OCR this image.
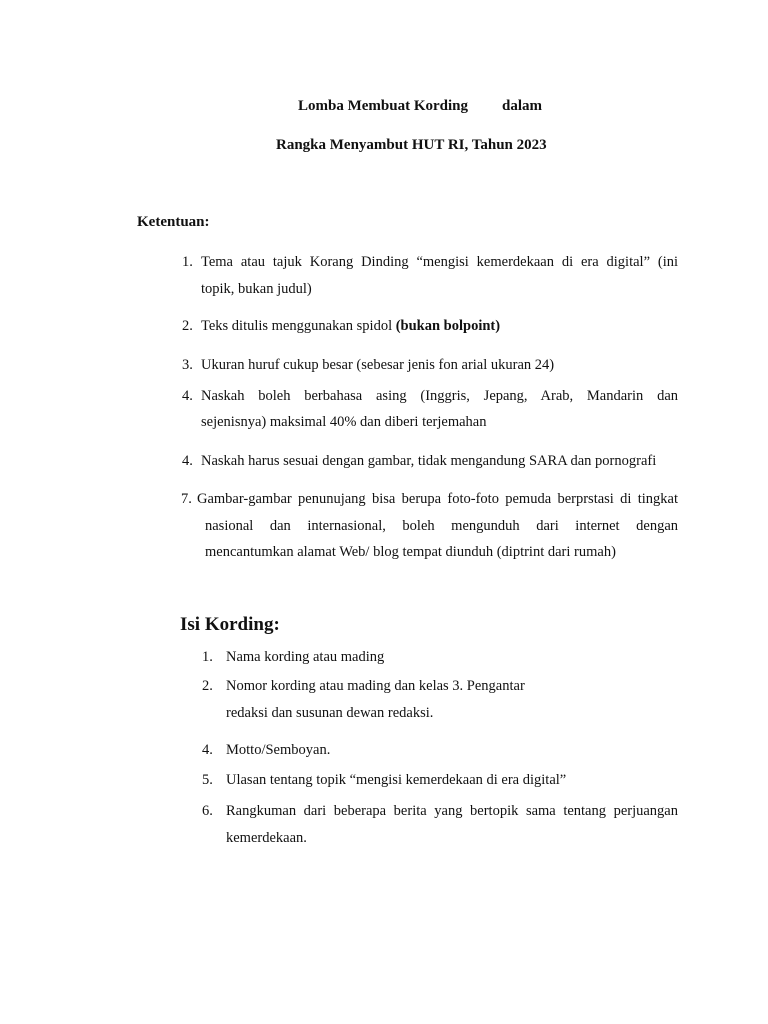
Lomba Membuat Kording dalam
Rangka Menyambut HUT RI, Tahun 2023
Ketentuan:
1. Tema atau tajuk Korang Dinding “mengisi kemerdekaan di era digital” (ini
topik, bukan judul)
2. Teks ditulis menggunakan spidol (bukan bolpoint)
3. Ukuran huruf cukup besar (sebesar jenis fon arial ukuran 24)
4. Naskah boleh berbahasa asing (Inggris, Jepang, Arab, Mandarin dan
sejenisnya) maksimal 40% dan diberi terjemahan
4. Naskah harus sesuai dengan gambar, tidak mengandung SARA dan pornografi
7. Gambar-gambar penunujang bisa berupa foto-foto pemuda berprstasi di tingkat
nasional dan internasional, boleh mengunduh dari internet dengan
mencantumkan alamat Web/ blog tempat diunduh (diptrint dari rumah)
Isi Kording:
1. Nama kording atau mading
2. Nomor kording atau mading dan kelas 3. Pengantar
redaksi dan susunan dewan redaksi.
4. Motto/Semboyan.
5. Ulasan tentang topik “mengisi kemerdekaan di era digital”
6. Rangkuman dari beberapa berita yang bertopik sama tentang perjuangan
kemerdekaan.
